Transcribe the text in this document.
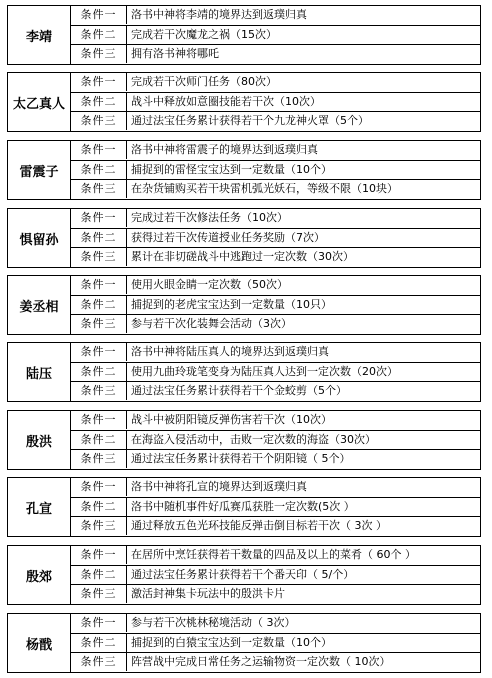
李靖
条件一	洛书中神将李靖的境界达到返璞归真
条件二	完成若干次魔龙之祸（15次）
条件三	拥有洛书神将哪吒
太乙真人
条件一	完成若干次师门任务（80次）
条件二	战斗中释放如意圈技能若干次（10次）
条件三	通过法宝任务累计获得若干个九龙神火罩（5个）
雷震子
条件一	洛书中神将雷震子的境界达到返璞归真
条件二	捕捉到的雷怪宝宝达到一定数量（10个）
条件三	在杂货铺购买若干块雷机弧光妖石，等级不限（10块）
惧留孙
条件一	完成过若干次修法任务（10次）
条件二	获得过若干次传道授业任务奖励（7次）
条件三	累计在非切磋战斗中逃跑过一定次数（30次）
姜丞相
条件一	使用火眼金睛一定次数（50次）
条件二	捕捉到的老虎宝宝达到一定数量（10只）
条件三	参与若干次化装舞会活动（3次）
陆压
条件一	洛书中神将陆压真人的境界达到返璞归真
条件二	使用九曲玲珑笔变身为陆压真人达到一定次数（20次）
条件三	通过法宝任务累计获得若干个金蛟剪（5个）
殷洪
条件一	战斗中被阴阳镜反弹伤害若干次（10次）
条件二	在海盗入侵活动中，击败一定次数的海盗（30次）
条件三	通过法宝任务累计获得若干个阴阳镜（ 5个）
孔宣
条件一	洛书中神将孔宣的境界达到返璞归真
条件二	洛书中随机事件好瓜赛瓜获胜一定次数(5次 ）
条件三	通过释放五色光环技能反弹击倒目标若干次（ 3次 ）
殷郊
条件一	在居所中烹饪获得若干数量的四品及以上的菜肴（ 60个 ）
条件二	通过法宝任务累计获得若干个番天印（ 5/个）
条件三	激活封神集卡玩法中的殷洪卡片
杨戬
条件一	参与若干次桃林秘境活动（ 3次）
条件二	捕捉到的白猿宝宝达到一定数量（10个）
条件三	阵营战中完成日常任务之运输物资一定次数（ 10次）
